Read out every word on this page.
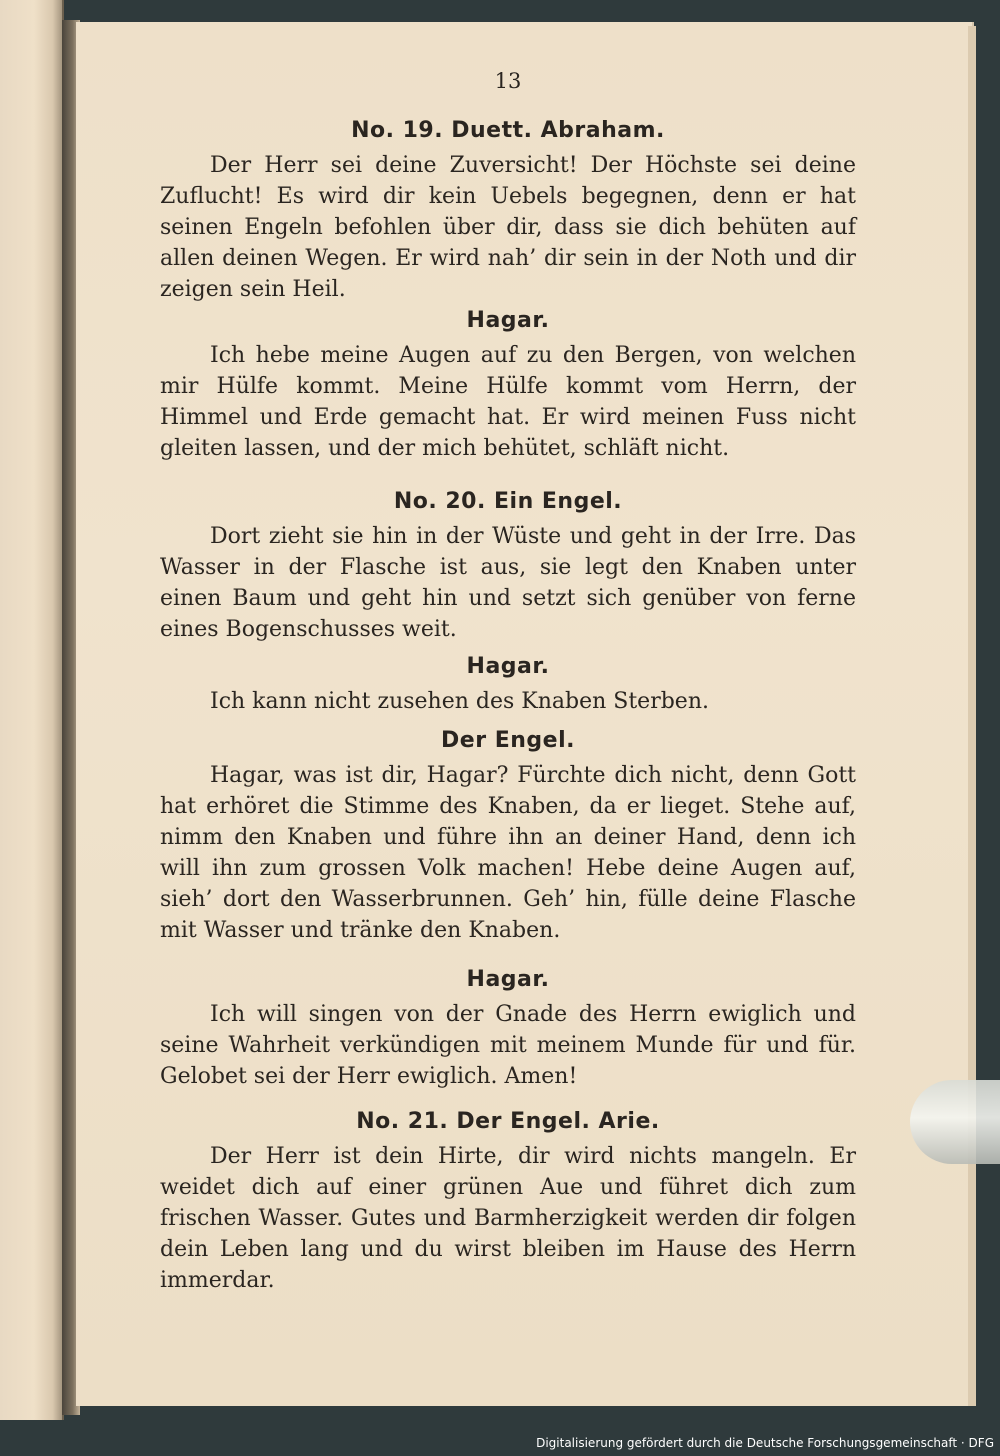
13
No. 19. Duett. Abraham.

Der Herr sei deine Zuversicht! Der Höchste sei deine Zuflucht! Es wird dir kein Uebels begegnen, denn er hat seinen Engeln befohlen über dir, dass sie dich behüten auf allen deinen Wegen. Er wird nah’ dir sein in der Noth und dir zeigen sein Heil.

Hagar.

Ich hebe meine Augen auf zu den Bergen, von welchen mir Hülfe kommt. Meine Hülfe kommt vom Herrn, der Himmel und Erde gemacht hat. Er wird meinen Fuss nicht gleiten lassen, und der mich behütet, schläft nicht.

No. 20. Ein Engel.

Dort zieht sie hin in der Wüste und geht in der Irre. Das Wasser in der Flasche ist aus, sie legt den Knaben unter einen Baum und geht hin und setzt sich genüber von ferne eines Bogenschusses weit.

Hagar.

Ich kann nicht zusehen des Knaben Sterben.

Der Engel.

Hagar, was ist dir, Hagar? Fürchte dich nicht, denn Gott hat erhöret die Stimme des Knaben, da er lieget. Stehe auf, nimm den Knaben und führe ihn an deiner Hand, denn ich will ihn zum grossen Volk machen! Hebe deine Augen auf, sieh’ dort den Wasserbrunnen. Geh’ hin, fülle deine Flasche mit Wasser und tränke den Knaben.

Hagar.

Ich will singen von der Gnade des Herrn ewiglich und seine Wahrheit verkündigen mit meinem Munde für und für. Gelobet sei der Herr ewiglich. Amen!

No. 21. Der Engel. Arie.

Der Herr ist dein Hirte, dir wird nichts mangeln. Er weidet dich auf einer grünen Aue und führet dich zum frischen Wasser. Gutes und Barmherzigkeit werden dir folgen dein Leben lang und du wirst bleiben im Hause des Herrn immerdar.

Digitalisierung gefördert durch die Deutsche Forschungsgemeinschaft · DFG
